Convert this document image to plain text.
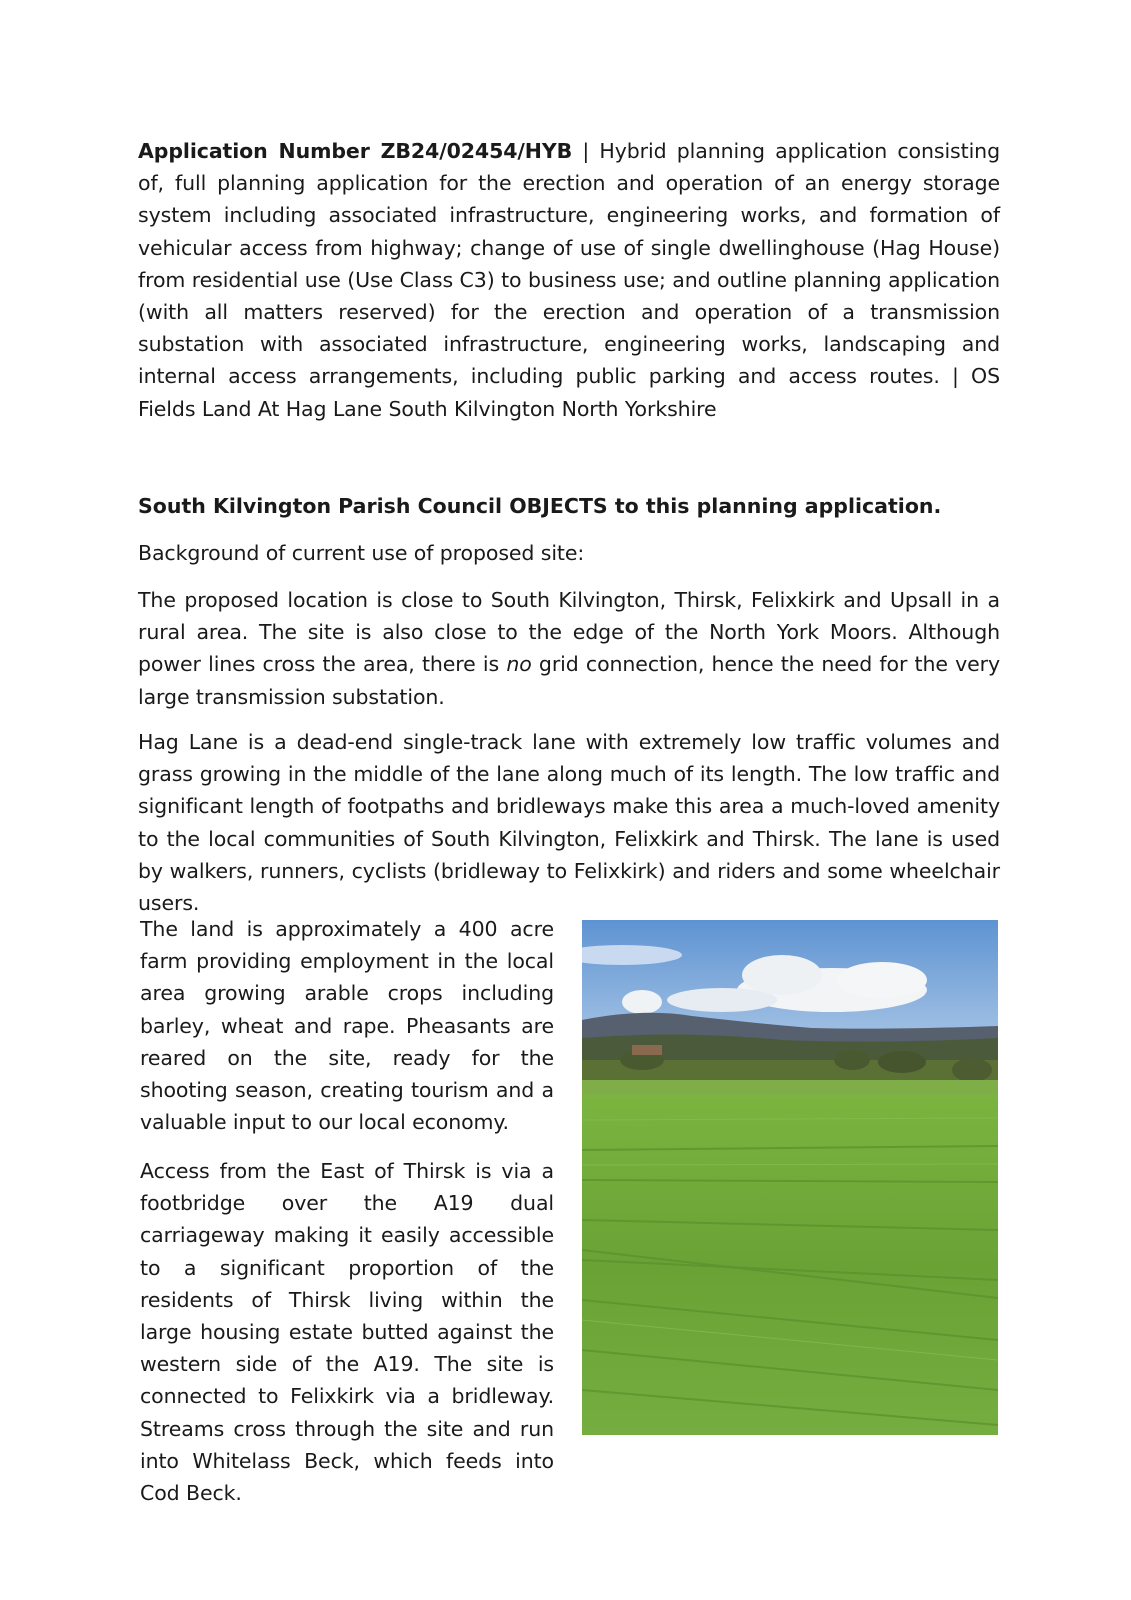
Application Number ZB24/02454/HYB | Hybrid planning application consisting of, full planning application for the erection and operation of an energy storage system including associated infrastructure, engineering works, and formation of vehicular access from highway; change of use of single dwellinghouse (Hag House) from residential use (Use Class C3) to business use; and outline planning application (with all matters reserved) for the erection and operation of a transmission substation with associated infrastructure, engineering works, landscaping and internal access arrangements, including public parking and access routes. | OS Fields Land At Hag Lane South Kilvington North Yorkshire

South Kilvington Parish Council OBJECTS to this planning application.

Background of current use of proposed site:

The proposed location is close to South Kilvington, Thirsk, Felixkirk and Upsall in a rural area. The site is also close to the edge of the North York Moors. Although power lines cross the area, there is no grid connection, hence the need for the very large transmission substation.

Hag Lane is a dead-end single-track lane with extremely low traffic volumes and grass growing in the middle of the lane along much of its length. The low traffic and significant length of footpaths and bridleways make this area a much-loved amenity to the local communities of South Kilvington, Felixkirk and Thirsk. The lane is used by walkers, runners, cyclists (bridleway to Felixkirk) and riders and some wheelchair users.

The land is approximately a 400 acre farm providing employment in the local area growing arable crops including barley, wheat and rape. Pheasants are reared on the site, ready for the shooting season, creating tourism and a valuable input to our local economy.

Access from the East of Thirsk is via a footbridge over the A19 dual carriageway making it easily accessible to a significant proportion of the residents of Thirsk living within the large housing estate butted against the western side of the A19. The site is connected to Felixkirk via a bridleway. Streams cross through the site and run into Whitelass Beck, which feeds into Cod Beck.
